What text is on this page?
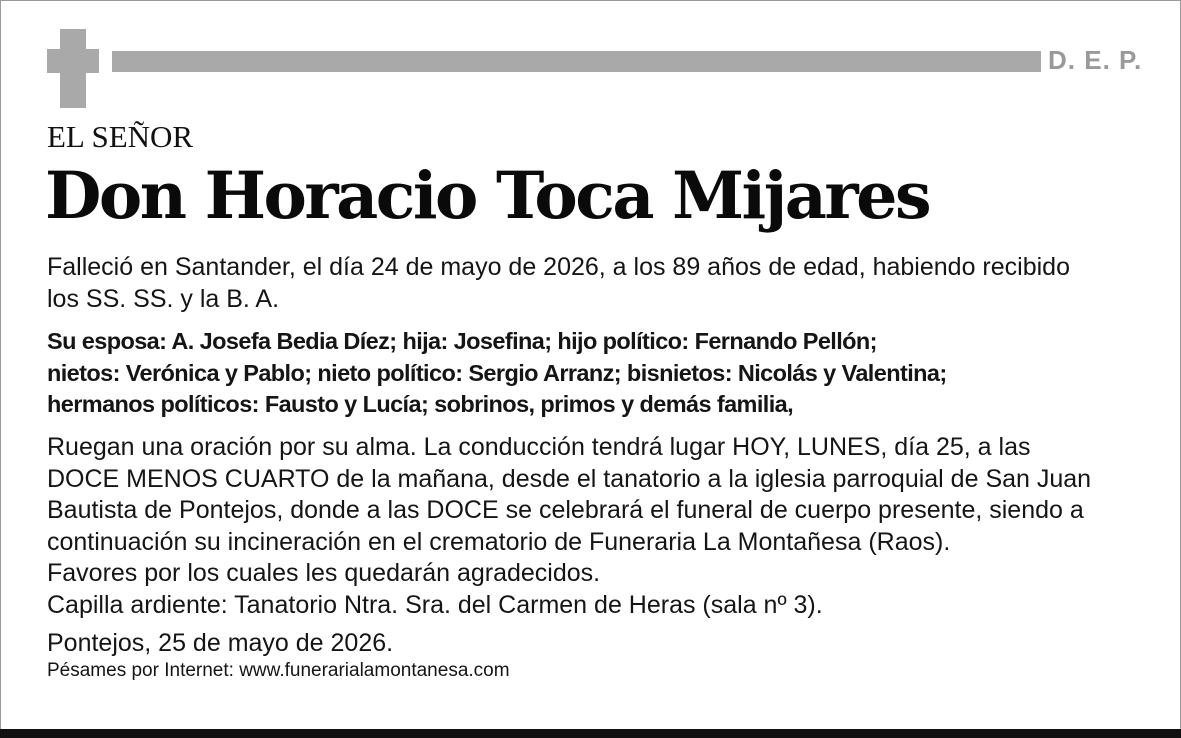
D. E. P.
EL SEÑOR
Don Horacio Toca Mijares
Falleció en Santander, el día 24 de mayo de 2026, a los 89 años de edad, habiendo recibido
los SS. SS. y la B. A.
Su esposa: A. Josefa Bedia Díez; hija: Josefina; hijo político: Fernando Pellón;
nietos: Verónica y Pablo; nieto político: Sergio Arranz; bisnietos: Nicolás y Valentina;
hermanos políticos: Fausto y Lucía; sobrinos, primos y demás familia,
Ruegan una oración por su alma. La conducción tendrá lugar HOY, LUNES, día 25, a las
DOCE MENOS CUARTO de la mañana, desde el tanatorio a la iglesia parroquial de San Juan
Bautista de Pontejos, donde a las DOCE se celebrará el funeral de cuerpo presente, siendo a
continuación su incineración en el crematorio de Funeraria La Montañesa (Raos).
Favores por los cuales les quedarán agradecidos.
Capilla ardiente: Tanatorio Ntra. Sra. del Carmen de Heras (sala nº 3).
Pontejos, 25 de mayo de 2026.
Pésames por Internet: www.funerarialamontanesa.com
